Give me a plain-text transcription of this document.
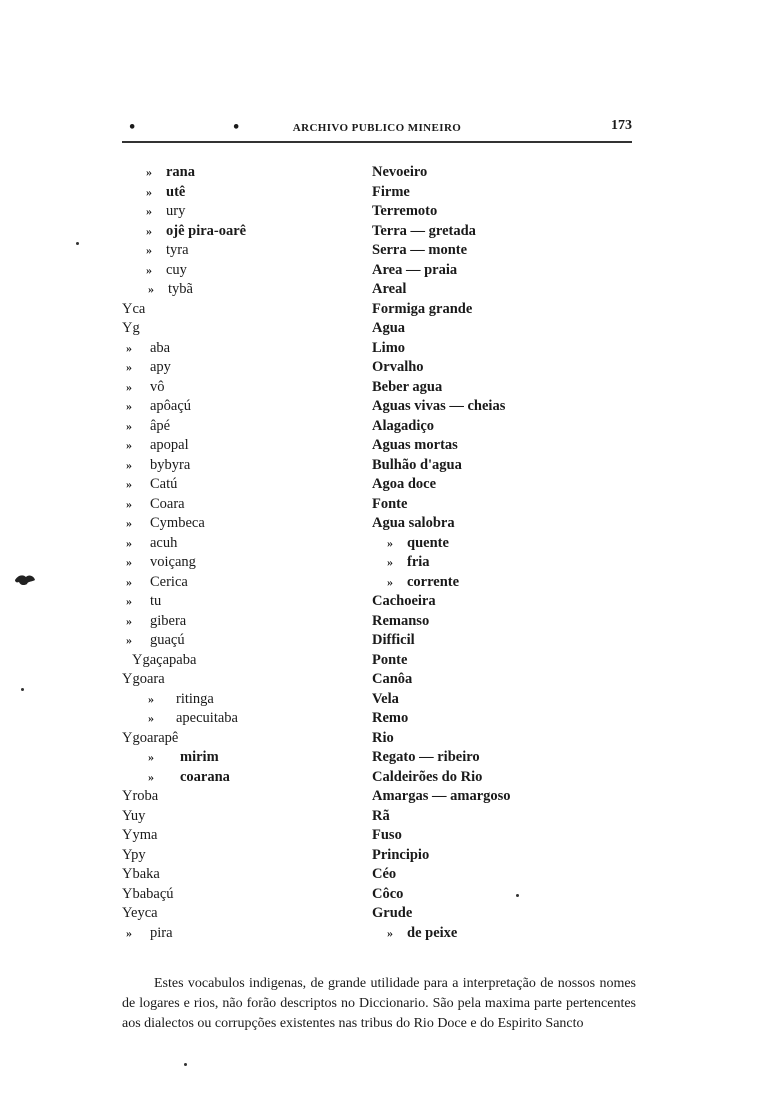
•	•	ARCHIVO PUBLICO MINEIRO	173
» rana	Nevoeiro
» utê	Firme
» ury	Terremoto
» ojê pira-oarê	Terra — gretada
» tyra	Serra — monte
» cuy	Area — praia
» tybã	Areal
Yca	Formiga grande
Yg	Agua
» aba	Limo
» apy	Orvalho
» vô	Beber agua
» apôaçú	Aguas vivas — cheias
» âpé	Alagadiço
» apopal	Aguas mortas
» bybyra	Bulhão d'agua
» Catú	Agoa doce
» Coara	Fonte
» Cymbeca	Agua salobra
» acuh	» quente
» voiçang	» fria
» Cerica	» corrente
» tu	Cachoeira
» gibera	Remanso
» guaçú	Difficil
Ygaçapaba	Ponte
Ygoara	Canôa
» ritinga	Vela
» apecuitaba	Remo
Ygoarapê	Rio
» mirim	Regato — ribeiro
» coarana	Caldeirões do Rio
Yroba	Amargas — amargoso
Yuy	Rã
Yyma	Fuso
Ypy	Principio
Ybaka	Céo
Ybabaçú	Côco
Yeyca	Grude
» pira	» de peixe

Estes vocabulos indigenas, de grande utilidade para a interpretação de nossos nomes de logares e rios, não forão descriptos no Diccionario. São pela maxima parte pertencentes aos dialectos ou corrupções existentes nas tribus do Rio Doce e do Espirito Sancto
